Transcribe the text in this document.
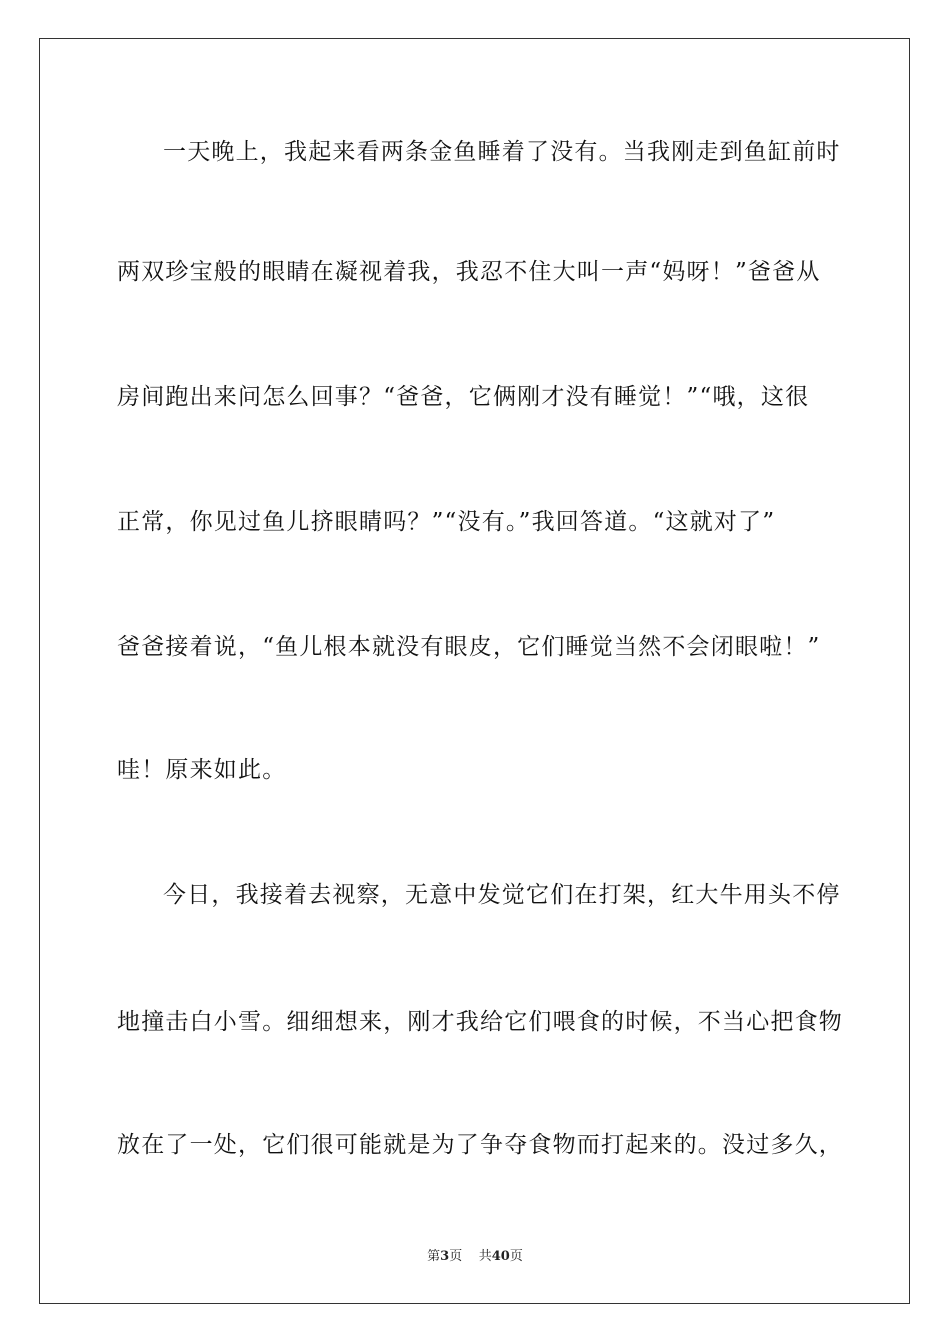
一天晚上，我起来看两条金鱼睡着了没有。当我刚走到鱼缸前时
两双珍宝般的眼睛在凝视着我，我忍不住大叫一声“妈呀！”爸爸从
房间跑出来问怎么回事？“爸爸，它俩刚才没有睡觉！”“哦，这很
正常，你见过鱼儿挤眼睛吗？”“没有。”我回答道。“这就对了”
爸爸接着说，“鱼儿根本就没有眼皮，它们睡觉当然不会闭眼啦！”
哇！原来如此。
今日，我接着去视察，无意中发觉它们在打架，红大牛用头不停
地撞击白小雪。细细想来，刚才我给它们喂食的时候，不当心把食物
放在了一处，它们很可能就是为了争夺食物而打起来的。没过多久，
第3页 共40页
